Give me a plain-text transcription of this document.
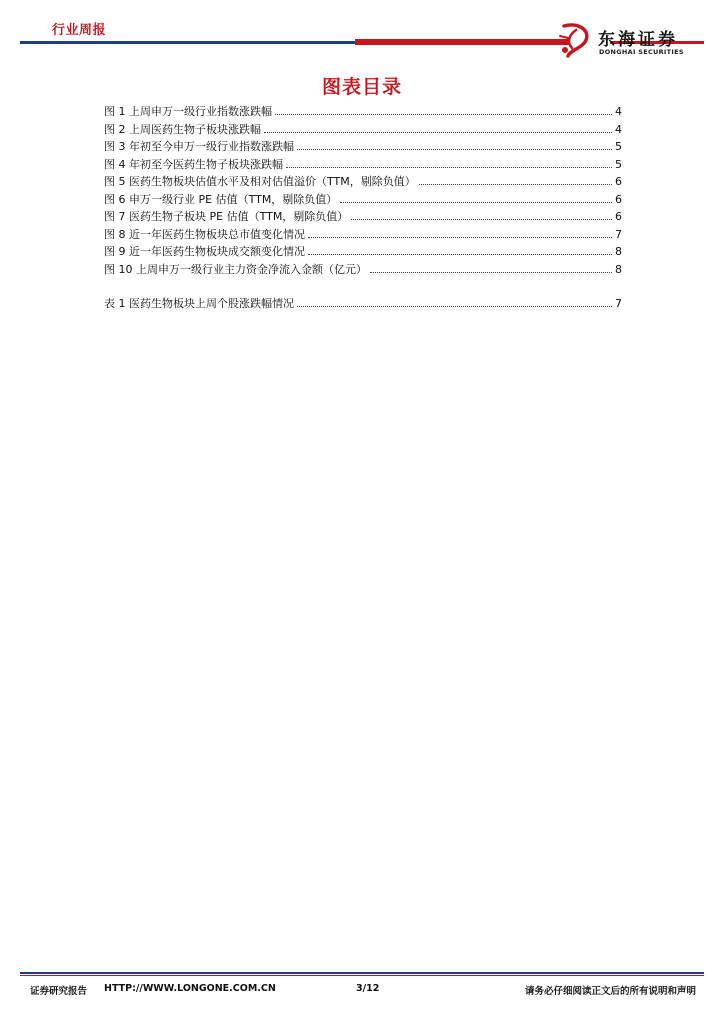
行业周报	东海证券
DONGHAI SECURITIES
图表目录
图 1 上周申万一级行业指数涨跌幅	4
图 2 上周医药生物子板块涨跌幅	4
图 3 年初至今申万一级行业指数涨跌幅	5
图 4 年初至今医药生物子板块涨跌幅	5
图 5 医药生物板块估值水平及相对估值溢价（TTM，剔除负值）	6
图 6 申万一级行业 PE 估值（TTM，剔除负值）	6
图 7 医药生物子板块 PE 估值（TTM，剔除负值）	6
图 8 近一年医药生物板块总市值变化情况	7
图 9 近一年医药生物板块成交额变化情况	8
图 10 上周申万一级行业主力资金净流入金额（亿元）	8
表 1 医药生物板块上周个股涨跌幅情况	7
证券研究报告 HTTP://WWW.LONGONE.COM.CN	3/12	请务必仔细阅读正文后的所有说明和声明
